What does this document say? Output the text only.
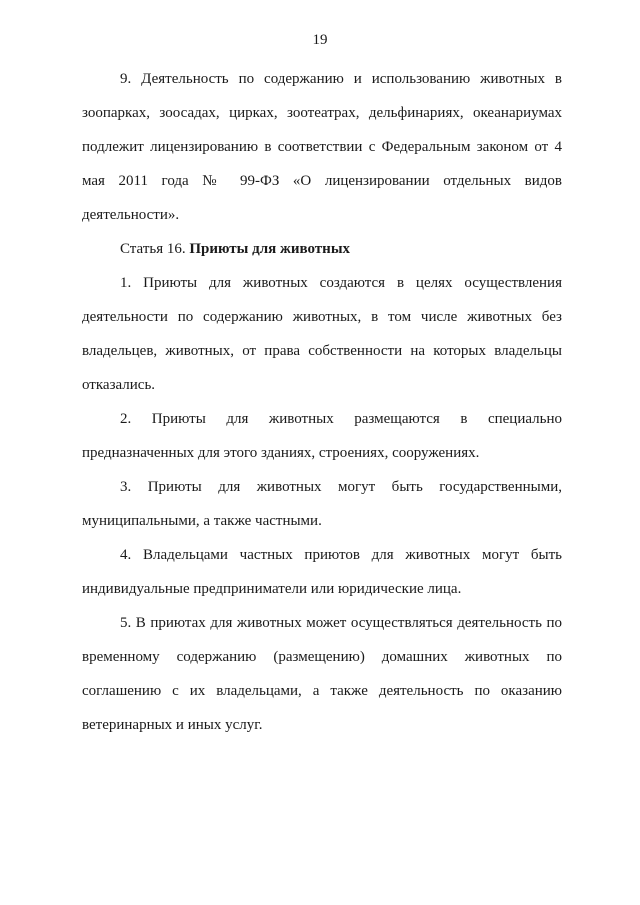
19

9. Деятельность по содержанию и использованию животных в зоопарках, зоосадах, цирках, зоотеатрах, дельфинариях, океанариумах подлежит лицензированию в соответствии с Федеральным законом от 4 мая 2011 года № 99-ФЗ «О лицензировании отдельных видов деятельности».

Статья 16. Приюты для животных

1. Приюты для животных создаются в целях осуществления деятельности по содержанию животных, в том числе животных без владельцев, животных, от права собственности на которых владельцы отказались.

2. Приюты для животных размещаются в специально предназначенных для этого зданиях, строениях, сооружениях.

3. Приюты для животных могут быть государственными, муниципальными, а также частными.

4. Владельцами частных приютов для животных могут быть индивидуальные предприниматели или юридические лица.

5. В приютах для животных может осуществляться деятельность по временному содержанию (размещению) домашних животных по соглашению с их владельцами, а также деятельность по оказанию ветеринарных и иных услуг.
